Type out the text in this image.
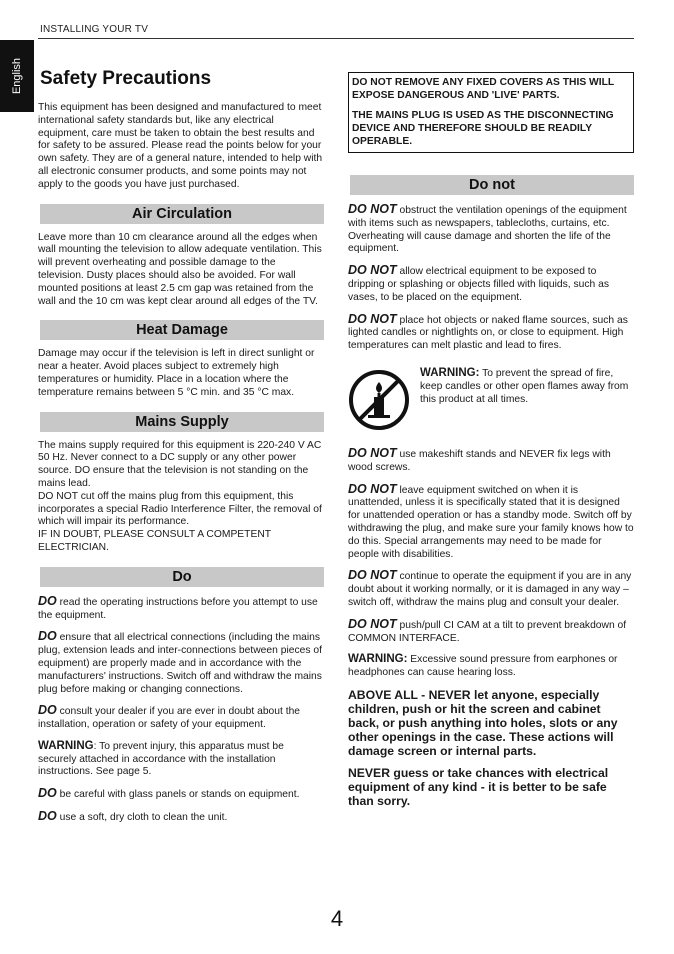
INSTALLING YOUR TV
English Safety Precautions

This equipment has been designed and manufactured to meet international safety standards but, like any electrical equipment, care must be taken to obtain the best results and for safety to be assured. Please read the points below for your own safety. They are of a general nature, intended to help with all electronic consumer products, and some points may not apply to the goods you have just purchased.

Air Circulation

Leave more than 10 cm clearance around all the edges when wall mounting the television to allow adequate ventilation. This will prevent overheating and possible damage to the television. Dusty places should also be avoided. For wall mounted positions at least 2.5 cm gap was retained from the wall and the 10 cm was kept clear around all edges of the TV.

Heat Damage

Damage may occur if the television is left in direct sunlight or near a heater. Avoid places subject to extremely high temperatures or humidity. Place in a location where the temperature remains between 5 °C min. and 35 °C max.

Mains Supply
The mains supply required for this equipment is 220-240 V AC 50 Hz. Never connect to a DC supply or any other power source. DO ensure that the television is not standing on the mains lead.
DO NOT cut off the mains plug from this equipment, this incorporates a special Radio Interference Filter, the removal of which will impair its performance.
IF IN DOUBT, PLEASE CONSULT A COMPETENT ELECTRICIAN.
Do

DO read the operating instructions before you attempt to use the equipment.

DO ensure that all electrical connections (including the mains plug, extension leads and inter-connections between pieces of equipment) are properly made and in accordance with the manufacturers' instructions. Switch off and withdraw the mains plug before making or changing connections.

DO consult your dealer if you are ever in doubt about the installation, operation or safety of your equipment.

WARNING: To prevent injury, this apparatus must be securely attached in accordance with the installation instructions. See page 5.

DO be careful with glass panels or stands on equipment.

DO use a soft, dry cloth to clean the unit.

DO NOT REMOVE ANY FIXED COVERS AS THIS WILL EXPOSE DANGEROUS AND 'LIVE' PARTS.

THE MAINS PLUG IS USED AS THE DISCONNECTING DEVICE AND THEREFORE SHOULD BE READILY OPERABLE.

Do not

DO NOT obstruct the ventilation openings of the equipment with items such as newspapers, tablecloths, curtains, etc. Overheating will cause damage and shorten the life of the equipment.

DO NOT allow electrical equipment to be exposed to dripping or splashing or objects filled with liquids, such as vases, to be placed on the equipment.

DO NOT place hot objects or naked flame sources, such as lighted candles or nightlights on, or close to equipment. High temperatures can melt plastic and lead to fires.

WARNING: To prevent the spread of fire, keep candles or other open flames away from this product at all times.

DO NOT use makeshift stands and NEVER fix legs with wood screws.

DO NOT leave equipment switched on when it is unattended, unless it is specifically stated that it is designed for unattended operation or has a standby mode. Switch off by withdrawing the plug, and make sure your family knows how to do this. Special arrangements may need to be made for people with disabilities.

DO NOT continue to operate the equipment if you are in any doubt about it working normally, or it is damaged in any way – switch off, withdraw the mains plug and consult your dealer.

DO NOT push/pull CI CAM at a tilt to prevent breakdown of COMMON INTERFACE.

WARNING: Excessive sound pressure from earphones or headphones can cause hearing loss.

ABOVE ALL - NEVER let anyone, especially children, push or hit the screen and cabinet back, or push anything into holes, slots or any other openings in the case. These actions will damage screen or internal parts.

NEVER guess or take chances with electrical equipment of any kind - it is better to be safe than sorry.

4
